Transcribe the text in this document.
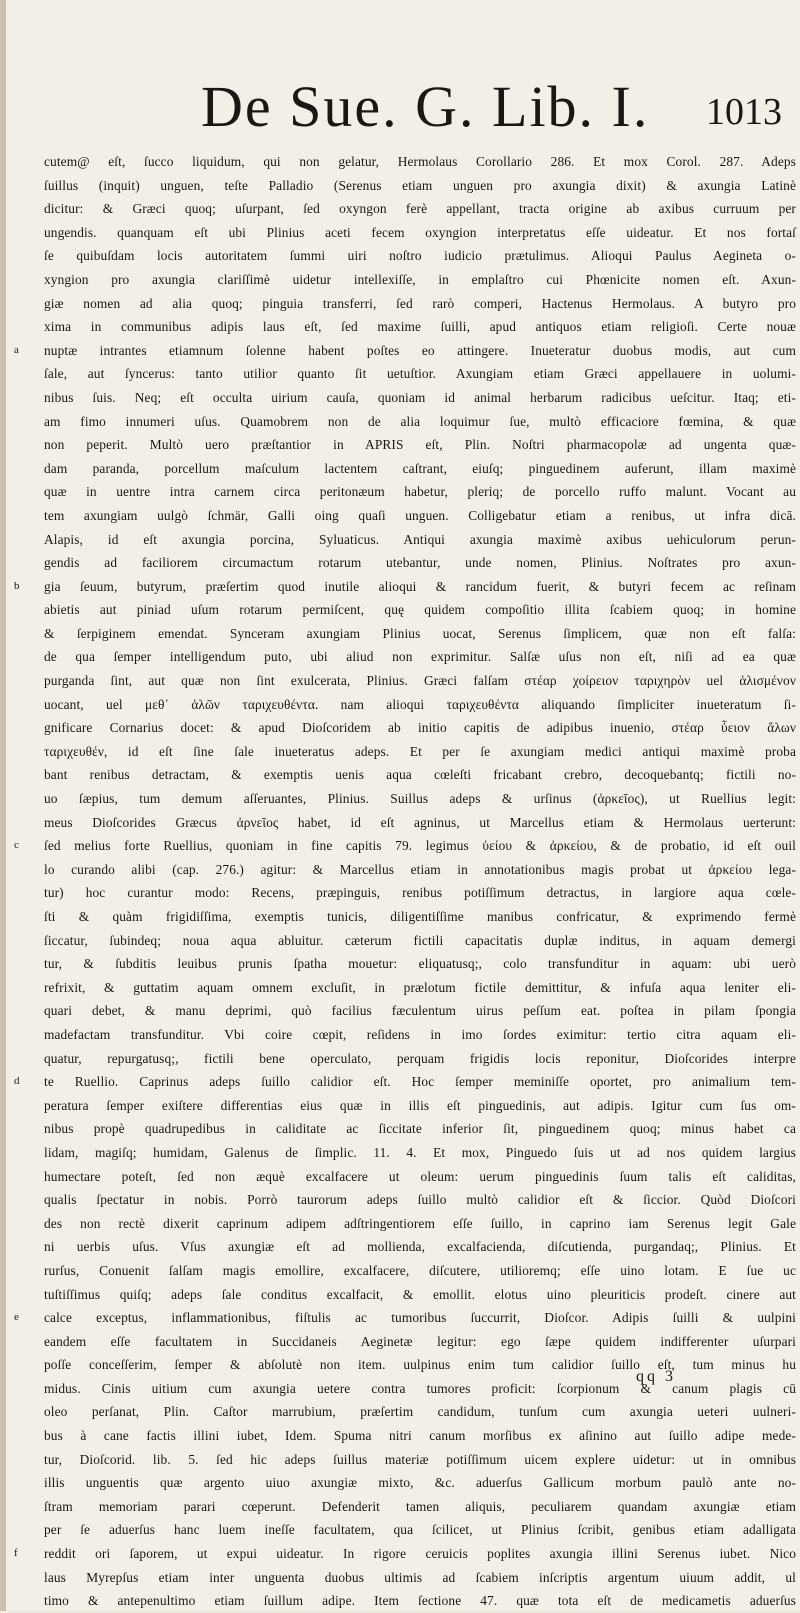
De Sue. G. Lib. I. 1013
cutem@ eſt, ſucco liquidum, qui non gelatur, Hermolaus Corollario 286. Et mox Corol. 287. Adeps
ſuillus (inquit) unguen, teſte Palladio (Serenus etiam unguen pro axungia dixit) & axungia Latinè
dicitur: & Græci quoq; uſurpant, ſed oxyngon ferè appellant, tracta origine ab axibus curruum per
ungendis. quanquam eſt ubi Plinius aceti fecem oxyngion interpretatus eſſe uideatur. Et nos fortaſ
ſe quibuſdam locis autoritatem ſummi uiri noſtro iudicio prætulimus. Alioqui Paulus Aegineta o-
xyngion pro axungia clariſſimè uidetur intellexiſſe, in emplaſtro cui Phœnicite nomen eſt. Axun-
giæ nomen ad alia quoq; pinguia transferri, ſed rarò comperi, Hactenus Hermolaus. A butyro pro
xima in communibus adipis laus eſt, ſed maxime ſuilli, apud antiquos etiam religioſi. Certe nouæ
a	nuptæ intrantes etiamnum ſolenne habent poſtes eo attingere. Inueteratur duobus modis, aut cum
ſale, aut ſyncerus: tanto utilior quanto ſit uetuſtior. Axungiam etiam Græci appellauere in uolumi-
nibus ſuis. Neq; eſt occulta uirium cauſa, quoniam id animal herbarum radicibus ueſcitur. Itaq; eti-
am fimo innumeri uſus. Quamobrem non de alia loquimur ſue, multò efficaciore fœmina, & quæ
non peperit. Multò uero præſtantior in APRIS eſt, Plin. Noſtri pharmacopolæ ad ungenta quæ-
dam paranda, porcellum maſculum lactentem caſtrant, eiuſq; pinguedinem auferunt, illam maximè
quæ in uentre intra carnem circa peritonæum habetur, pleriq; de porcello ruffo malunt. Vocant au
tem axungiam uulgò ſchmär, Galli oing quaſi unguen. Colligebatur etiam a renibus, ut infra dicā.
Alapis, id eſt axungia porcina, Syluaticus. Antiqui axungia maximè axibus uehiculorum perun-
gendis ad faciliorem circumactum rotarum utebantur, unde nomen, Plinius. Noſtrates pro axun-
b	gia ſeuum, butyrum, præſertim quod inutile alioqui & rancidum fuerit, & butyri fecem ac reſinam
abietis aut piniad uſum rotarum permiſcent, quę quidem compoſitio illita ſcabiem quoq; in homine
& ſerpiginem emendat. Synceram axungiam Plinius uocat, Serenus ſimplicem, quæ non eſt falſa:
de qua ſemper intelligendum puto, ubi aliud non exprimitur. Salſæ uſus non eſt, niſi ad ea quæ
purganda ſint, aut quæ non ſint exulcerata, Plinius. Græci falſam στέαρ χοίρειον ταριχηρὸν uel ἁλισμένον
uocant, uel μεθ᾽ ἁλῶν ταριχευθέντα. nam alioqui ταριχευθέντα aliquando ſimpliciter inueteratum ſi-
gnificare Cornarius docet: & apud Dioſcoridem ab initio capitis de adipibus inuenio, στέαρ ὗειον ἄλων
ταριχευθέν, id eſt ſine ſale inueteratus adeps. Et per ſe axungiam medici antiqui maximè proba
bant renibus detractam, & exemptis uenis aqua cœleſti fricabant crebro, decoquebantq; fictili no-
uo ſæpius, tum demum aſſeruantes, Plinius. Suillus adeps & urſinus (ἀρκεῖος), ut Ruellius legit:
meus Dioſcorides Græcus ἀρνεῖος habet, id eſt agninus, ut Marcellus etiam & Hermolaus uerterunt:
c	ſed melius forte Ruellius, quoniam in fine capitis 79. legimus ὑείου & ἀρκείου, & de probatio, id eſt ouil
lo curando alibi (cap. 276.) agitur: & Marcellus etiam in annotationibus magis probat ut ἀρκείου lega-
tur) hoc curantur modo: Recens, præpinguis, renibus potiſſimum detractus, in largiore aqua cœle-
ſti & quàm frigidiſſima, exemptis tunicis, diligentiſſime manibus confricatur, & exprimendo fermè
ſiccatur, ſubindeq; noua aqua abluitur. cæterum fictili capacitatis duplæ inditus, in aquam demergi
tur, & ſubditis leuibus prunis ſpatha mouetur: eliquatusq;, colo transfunditur in aquam: ubi uerò
refrixit, & guttatim aquam omnem excluſit, in prælotum fictile demittitur, & infuſa aqua leniter eli-
quari debet, & manu deprimi, quò facilius fæculentum uirus peſſum eat. poſtea in pilam ſpongia
madefactam transfunditur. Vbi coire cœpit, reſidens in imo ſordes eximitur: tertio citra aquam eli-
quatur, repurgatusq;, fictili bene operculato, perquam frigidis locis reponitur, Dioſcorides interpre
d	te Ruellio. Caprinus adeps ſuillo calidior eſt. Hoc ſemper meminiſſe oportet, pro animalium tem-
peratura ſemper exiſtere differentias eius quæ in illis eſt pinguedinis, aut adipis. Igitur cum ſus om-
nibus propè quadrupedibus in caliditate ac ſiccitate inferior ſit, pinguedinem quoq; minus habet ca
lidam, magiſq; humidam, Galenus de ſimplic. 11. 4. Et mox, Pinguedo ſuis ut ad nos quidem largius
humectare poteſt, ſed non æquè excalfacere ut oleum: uerum pinguedinis ſuum talis eſt caliditas,
qualis ſpectatur in nobis. Porrò taurorum adeps ſuillo multò calidior eſt & ſiccior. Quòd Dioſcori
des non rectè dixerit caprinum adipem adſtringentiorem eſſe ſuillo, in caprino iam Serenus legit Gale
ni uerbis uſus. Vſus axungiæ eſt ad mollienda, excalfacienda, diſcutienda, purgandaq;, Plinius. Et
rurſus, Conuenit ſalſam magis emollire, excalfacere, diſcutere, utilioremq; eſſe uino lotam. E ſue uc
tuſtiſſimus quiſq; adeps ſale conditus excalfacit, & emollit. elotus uino pleuriticis prodeſt. cinere aut
e	calce exceptus, inflammationibus, fiſtulis ac tumoribus ſuccurrit, Dioſcor. Adipis ſuilli & uulpini
eandem eſſe facultatem in Succidaneis Aeginetæ legitur: ego ſæpe quidem indifferenter uſurpari
poſſe conceſſerim, ſemper & abſolutè non item. uulpinus enim tum calidior ſuillo eſt, tum minus hu
midus. Cinis uitium cum axungia uetere contra tumores proficit: ſcorpionum & canum plagis cū
oleo perſanat, Plin. Caſtor marrubium, præſertim candidum, tunſum cum axungia ueteri uulneri-
bus à cane factis illini iubet, Idem. Spuma nitri canum morſibus ex aſinino aut ſuillo adipe mede-
tur, Dioſcorid. lib. 5. ſed hic adeps ſuillus materiæ potiſſimum uicem explere uidetur: ut in omnibus
illis unguentis quæ argento uiuo axungiæ mixto, &c. aduerſus Gallicum morbum paulò ante no-
ſtram memoriam parari cœperunt. Defenderit tamen aliquis, peculiarem quandam axungiæ etiam
per ſe aduerſus hanc luem ineſſe facultatem, qua ſcilicet, ut Plinius ſcribit, genibus etiam adalligata
f	reddit ori ſaporem, ut expui uideatur. In rigore ceruicis poplites axungia illini Serenus iubet. Nico
laus Myrepſus etiam inter unguenta duobus ultimis ad ſcabiem inſcriptis argentum uiuum addit, ul
timo & antepenultimo etiam ſuillum adipe. Item ſectione 47. quæ tota eſt de medicametis aduerſus
qq 3
